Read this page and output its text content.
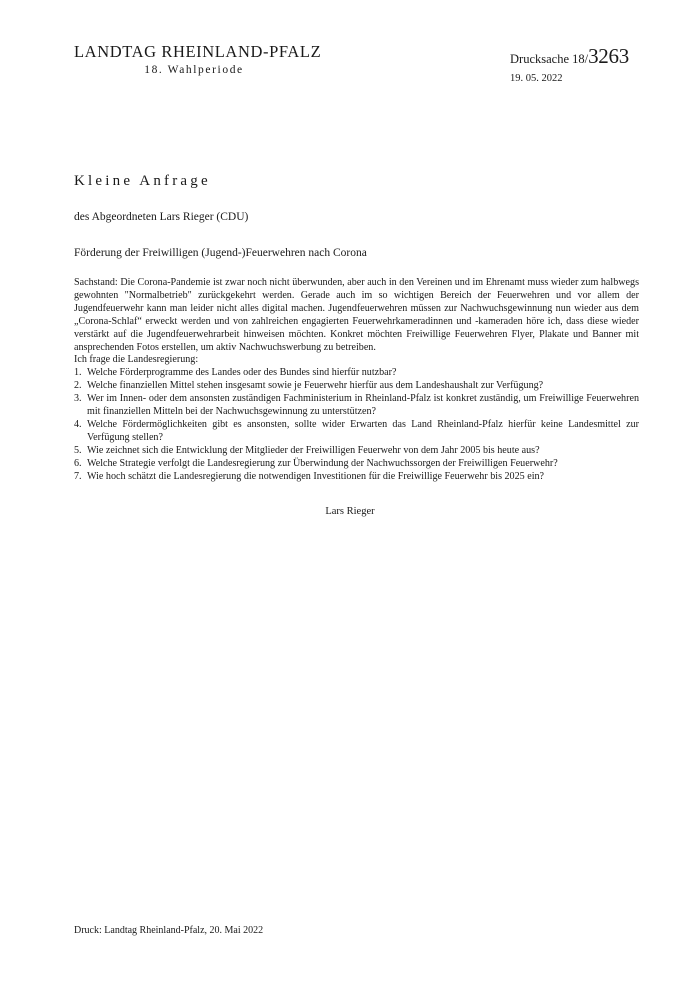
LANDTAG RHEINLAND-PFALZ
18. Wahlperiode
Drucksache 18/3263
19. 05. 2022
Kleine Anfrage
des Abgeordneten Lars Rieger (CDU)
Förderung der Freiwilligen (Jugend-)Feuerwehren nach Corona

Sachstand: Die Corona-Pandemie ist zwar noch nicht überwunden, aber auch in den Vereinen und im Ehrenamt muss wieder zum halbwegs gewohnten "Normalbetrieb" zurückgekehrt werden. Gerade auch im so wichtigen Bereich der Feuerwehren und vor allem der Jugendfeuerwehr kann man leider nicht alles digital machen. Jugendfeuerwehren müssen zur Nachwuchsgewinnung nun wieder aus dem „Corona-Schlaf“ erweckt werden und von zahlreichen engagierten Feuerwehrkameradinnen und -kameraden höre ich, dass diese wieder verstärkt auf die Jugendfeuerwehrarbeit hinweisen möchten. Konkret möchten Freiwillige Feuerwehren Flyer, Plakate und Banner mit ansprechenden Fotos erstellen, um aktiv Nachwuchswerbung zu betreiben.

Ich frage die Landesregierung:

1. Welche Förderprogramme des Landes oder des Bundes sind hierfür nutzbar?
2. Welche finanziellen Mittel stehen insgesamt sowie je Feuerwehr hierfür aus dem Landeshaushalt zur Verfügung?
3. Wer im Innen- oder dem ansonsten zuständigen Fachministerium in Rheinland-Pfalz ist konkret zuständig, um Freiwillige Feuerwehren mit finanziellen Mitteln bei der Nachwuchsgewinnung zu unterstützen?
4. Welche Fördermöglichkeiten gibt es ansonsten, sollte wider Erwarten das Land Rheinland-Pfalz hierfür keine Landesmittel zur Verfügung stellen?
5. Wie zeichnet sich die Entwicklung der Mitglieder der Freiwilligen Feuerwehr von dem Jahr 2005 bis heute aus?
6. Welche Strategie verfolgt die Landesregierung zur Überwindung der Nachwuchssorgen der Freiwilligen Feuerwehr?
7. Wie hoch schätzt die Landesregierung die notwendigen Investitionen für die Freiwillige Feuerwehr bis 2025 ein?
Lars Rieger
Druck: Landtag Rheinland-Pfalz, 20. Mai 2022
